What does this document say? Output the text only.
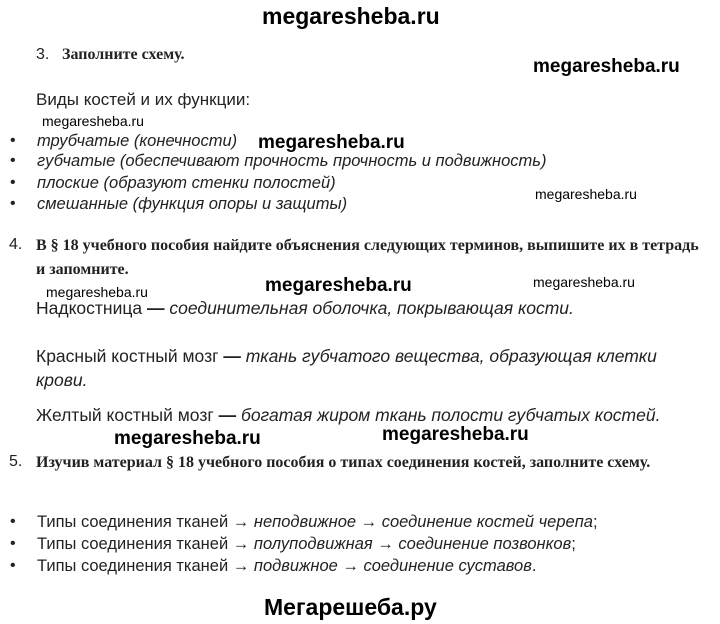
megaresheba.ru
3. Заполните схему.
megaresheba.ru
Виды костей и их функции:
megaresheba.ru
• трубчатые (конечности) megaresheba.ru
• губчатые (обеспечивают прочность прочность и подвижность)
• плоские (образуют стенки полостей)
megaresheba.ru
• смешанные (функция опоры и защиты)
4. В § 18 учебного пособия найдите объяснения следующих терминов, выпишите их в тетрадь и запомните.
megaresheba.ru	megaresheba.ru
megaresheba.ru
Надкостница — соединительная оболочка, покрывающая кости.
Красный костный мозг — ткань губчатого вещества, образующая клетки крови.
Желтый костный мозг — богатая жиром ткань полости губчатых костей.
megaresheba.ru	megaresheba.ru
5. Изучив материал § 18 учебного пособия о типах соединения костей, заполните схему.
• Типы соединения тканей → неподвижное → соединение костей черепа;
• Типы соединения тканей → полуподвижная → соединение позвонков;
• Типы соединения тканей → подвижное → соединение суставов.
Мегарешеба.ру
